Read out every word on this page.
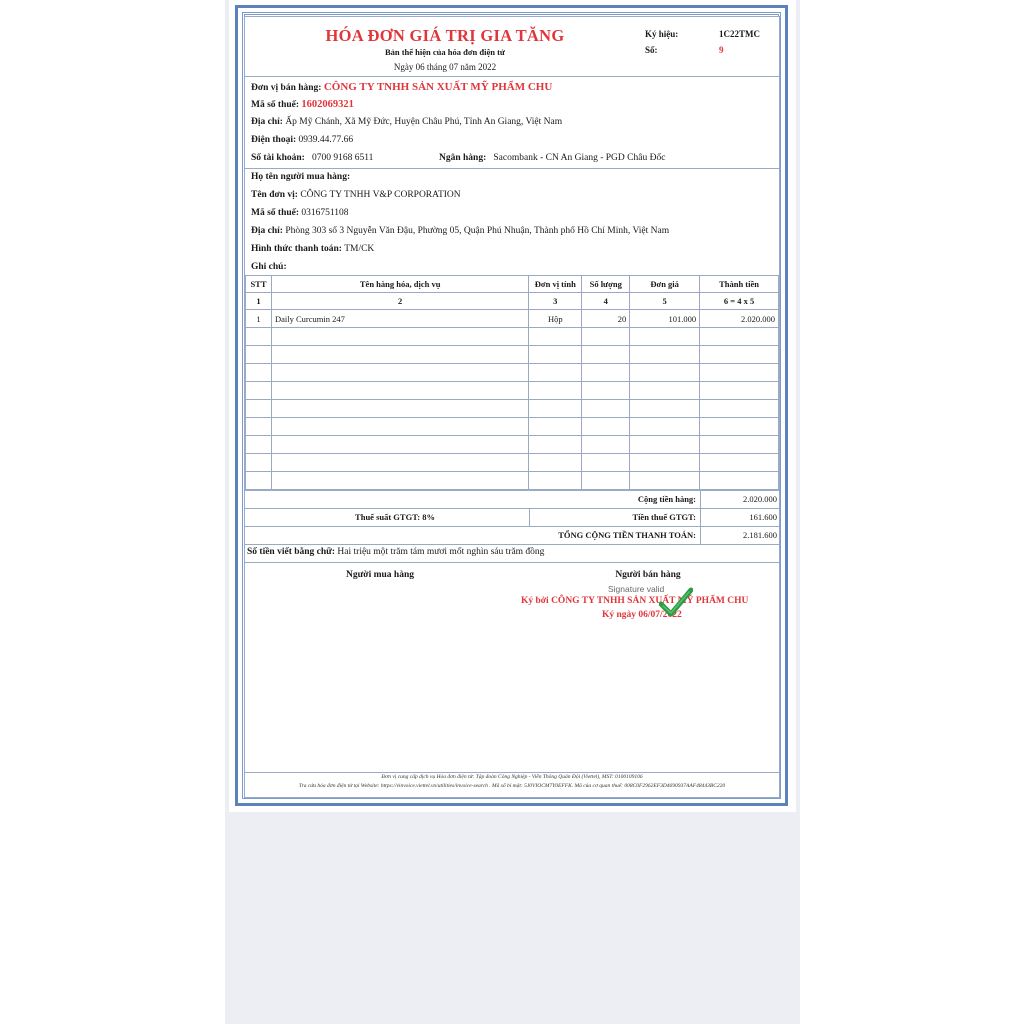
HÓA ĐƠN GIÁ TRỊ GIA TĂNG
Bản thể hiện của hóa đơn điện tử
Ngày 06 tháng 07 năm 2022
Ký hiệu:	1C22TMC
Số:	9
Đơn vị bán hàng: CÔNG TY TNHH SẢN XUẤT MỸ PHẨM CHU
Mã số thuế: 1602069321
Địa chỉ: Ấp Mỹ Chánh, Xã Mỹ Đức, Huyện Châu Phú, Tỉnh An Giang, Việt Nam
Điện thoại: 0939.44.77.66
Số tài khoản: 0700 9168 6511	Ngân hàng: Sacombank - CN An Giang - PGD Châu Đốc
Họ tên người mua hàng:
Tên đơn vị: CÔNG TY TNHH V&P CORPORATION
Mã số thuế: 0316751108
Địa chỉ: Phòng 303 số 3 Nguyễn Văn Đậu, Phường 05, Quận Phú Nhuận, Thành phố Hồ Chí Minh, Việt Nam
Hình thức thanh toán: TM/CK
Ghi chú:
STT	Tên hàng hóa, dịch vụ	Đơn vị tính	Số lượng	Đơn giá	Thành tiền
1	2	3	4	5	6 = 4 x 5
1	Daily Curcumin 247	Hộp	20	101.000	2.020.000

Cộng tiền hàng:	2.020.000
Thuế suất GTGT: 8%	Tiền thuế GTGT:	161.600
TỔNG CỘNG TIỀN THANH TOÁN:	2.181.600
Số tiền viết bằng chữ: Hai triệu một trăm tám mươi mốt nghìn sáu trăm đồng
Người mua hàng	Người bán hàng
Signature valid
Ký bởi CÔNG TY TNHH SẢN XUẤT MỸ PHẨM CHU
Ký ngày 06/07/2022
Đơn vị cung cấp dịch vụ Hóa đơn điện tử: Tập đoàn Công Nghiệp - Viễn Thông Quân Đội (Viettel), MST: 0100109106
Tra cứu hóa đơn điện tử tại Website: https://vinvoice.viettel.vn/utilities/invoice-search . Mã số bí mật: 5J0VIOCM7Y0EFFK. Mã của cơ quan thuế: 008C0F2962EF3D4690937AAF48443BC220
